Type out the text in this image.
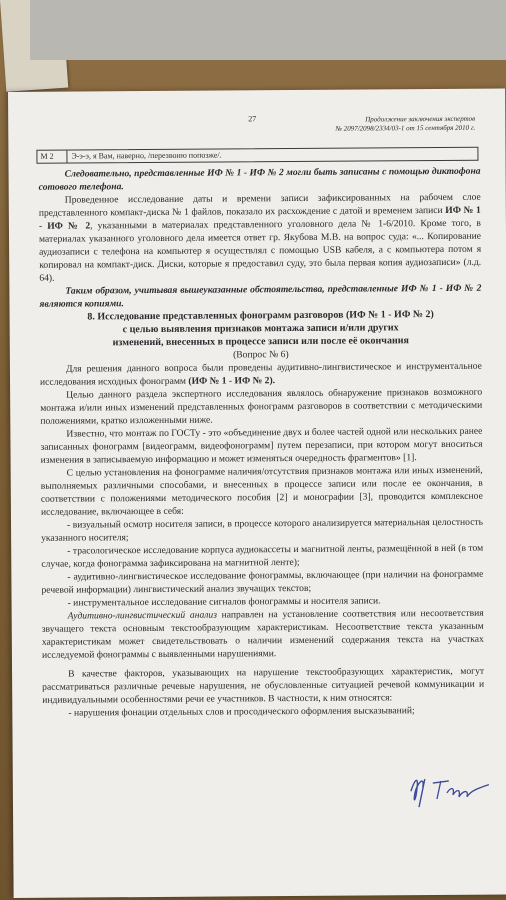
27	Продолжение заключения экспертов
№ 2097/2098/2334/03-1 от 15 сентября 2010 г.
М 2	Э-э-э, я Вам, наверно, /перезвоню попозже/.

Следовательно, представленные ИФ № 1 - ИФ № 2 могли быть записаны с помощью диктофона сотового телефона.

Проведенное исследование даты и времени записи зафиксированных на рабочем слое представленного компакт-диска № 1 файлов, показало их расхождение с датой и временем записи ИФ № 1 - ИФ № 2, указанными в материалах представленного уголовного дела № 1-6/2010. Кроме того, в материалах указанного уголовного дела имеется ответ гр. Якубова М.В. на вопрос суда: «... Копирование аудиозаписи с телефона на компьютер я осуществлял с помощью USB кабеля, а с компьютера потом я копировал на компакт-диск. Диски, которые я предоставил суду, это была первая копия аудиозаписи» (л.д. 64).

Таким образом, учитывая вышеуказанные обстоятельства, представленные ИФ № 1 - ИФ № 2 являются копиями.

8. Исследование представленных фонограмм разговоров (ИФ № 1 - ИФ № 2)

с целью выявления признаков монтажа записи и/или других

изменений, внесенных в процессе записи или после её окончания

(Вопрос № 6)

Для решения данного вопроса были проведены аудитивно-лингвистическое и инструментальное исследования исходных фонограмм (ИФ № 1 - ИФ № 2).

Целью данного раздела экспертного исследования являлось обнаружение признаков возможного монтажа и/или иных изменений представленных фонограмм разговоров в соответствии с методическими положениями, кратко изложенными ниже.

Известно, что монтаж по ГОСТу - это «объединение двух и более частей одной или нескольких ранее записанных фонограмм [видеограмм, видеофонограмм] путем перезаписи, при котором могут вноситься изменения в записываемую информацию и может изменяться очередность фрагментов» [1].

С целью установления на фонограмме наличия/отсутствия признаков монтажа или иных изменений, выполняемых различными способами, и внесенных в процессе записи или после ее окончания, в соответствии с положениями методического пособия [2] и монографии [3], проводится комплексное исследование, включающее в себя:

- визуальный осмотр носителя записи, в процессе которого анализируется материальная целостность указанного носителя;

- трасологическое исследование корпуса аудиокассеты и магнитной ленты, размещённой в ней (в том случае, когда фонограмма зафиксирована на магнитной ленте);

- аудитивно-лингвистическое исследование фонограммы, включающее (при наличии на фонограмме речевой информации) лингвистический анализ звучащих текстов;

- инструментальное исследование сигналов фонограммы и носителя записи.

Аудитивно-лингвистический анализ направлен на установление соответствия или несоответствия звучащего текста основным текстообразующим характеристикам. Несоответствие текста указанным характеристикам может свидетельствовать о наличии изменений содержания текста на участках исследуемой фонограммы с выявленными нарушениями.

В качестве факторов, указывающих на нарушение текстообразующих характеристик, могут рассматриваться различные речевые нарушения, не обусловленные ситуацией речевой коммуникации и индивидуальными особенностями речи ее участников. В частности, к ним относятся:

- нарушения фонации отдельных слов и просодического оформления высказываний;
